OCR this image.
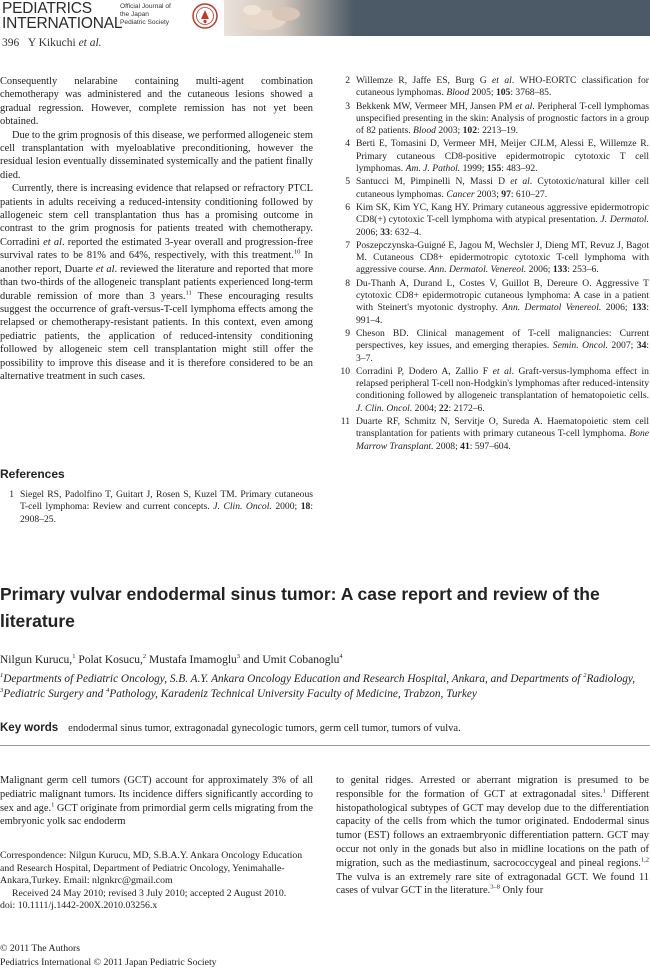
PEDIATRICS
INTERNATIONAL
Official Journal of
the Japan
Pediatric Society
396 Y Kikuchi et al.

Consequently nelarabine containing multi-agent combination chemotherapy was administered and the cutaneous lesions showed a gradual regression. However, complete remission has not yet been obtained.

Due to the grim prognosis of this disease, we performed allogeneic stem cell transplantation with myeloablative preconditioning, however the residual lesion eventually disseminated systemically and the patient finally died.

Currently, there is increasing evidence that relapsed or refractory PTCL patients in adults receiving a reduced-intensity conditioning followed by allogeneic stem cell transplantation thus has a promising outcome in contrast to the grim prognosis for patients treated with chemotherapy. Corradini et al. reported the estimated 3-year overall and progression-free survival rates to be 81% and 64%, respectively, with this treatment.$^{10}$ In another report, Duarte et al. reviewed the literature and reported that more than two-thirds of the allogeneic transplant patients experienced long-term durable remission of more than 3 years.$^{11}$ These encouraging results suggest the occurrence of graft-versus-T-cell lymphoma effects among the relapsed or chemotherapy-resistant patients. In this context, even among pediatric patients, the application of reduced-intensity conditioning followed by allogeneic stem cell transplantation might still offer the possibility to improve this disease and it is therefore considered to be an alternative treatment in such cases.

References
1 Siegel RS, Padolfino T, Guitart J, Rosen S, Kuzel TM. Primary cutaneous T-cell lymphoma: Review and current concepts. J. Clin. Oncol. 2000; 18: 2908–25.
2 Willemze R, Jaffe ES, Burg G et al. WHO-EORTC classification for cutaneous lymphomas. Blood 2005; 105: 3768–85.
3 Bekkenk MW, Vermeer MH, Jansen PM et al. Peripheral T-cell lymphomas unspecified presenting in the skin: Analysis of prognostic factors in a group of 82 patients. Blood 2003; 102: 2213–19.
4 Berti E, Tomasini D, Vermeer MH, Meijer CJLM, Alessi E, Willemze R. Primary cutaneous CD8-positive epidermotropic cytotoxic T cell lymphomas. Am. J. Pathol. 1999; 155: 483–92.
5 Santucci M, Pimpinelli N, Massi D et al. Cytotoxic/natural killer cell cutaneous lymphomas. Cancer 2003; 97: 610–27.
6 Kim SK, Kim YC, Kang HY. Primary cutaneous aggressive epidermotropic CD8(+) cytotoxic T-cell lymphoma with atypical presentation. J. Dermatol. 2006; 33: 632–4.
7 Poszepczynska-Guigné E, Jagou M, Wechsler J, Dieng MT, Revuz J, Bagot M. Cutaneous CD8+ epidermotropic cytotoxic T-cell lymphoma with aggressive course. Ann. Dermatol. Venereol. 2006; 133: 253–6.
8 Du-Thanh A, Durand L, Costes V, Guillot B, Dereure O. Aggressive T cytotoxic CD8+ epidermotropic cutaneous lymphoma: A case in a patient with Steinert's myotonic dystrophy. Ann. Dermatol Venereol. 2006; 133: 991–4.
9 Cheson BD. Clinical management of T-cell malignancies: Current perspectives, key issues, and emerging therapies. Semin. Oncol. 2007; 34: 3–7.
10 Corradini P, Dodero A, Zallio F et al. Graft-versus-lymphoma effect in relapsed peripheral T-cell non-Hodgkin's lymphomas after reduced-intensity conditioning followed by allogeneic transplantation of hematopoietic cells. J. Clin. Oncol. 2004; 22: 2172–6.
11 Duarte RF, Schmitz N, Servitje O, Sureda A. Haematopoietic stem cell transplantation for patients with primary cutaneous T-cell lymphoma. Bone Marrow Transplant. 2008; 41: 597–604.
Primary vulvar endodermal sinus tumor: A case report and review of the literature
Nilgun Kurucu,$^1$ Polat Kosucu,$^2$ Mustafa Imamoglu$^3$ and Umit Cobanoglu$^4$
$^1$Departments of Pediatric Oncology, S.B. A.Y. Ankara Oncology Education and Research Hospital, Ankara, and Departments of $^2$Radiology, $^3$Pediatric Surgery and $^4$Pathology, Karadeniz Technical University Faculty of Medicine, Trabzon, Turkey
Key words endodermal sinus tumor, extragonadal gynecologic tumors, germ cell tumor, tumors of vulva.
Malignant germ cell tumors (GCT) account for approximately 3% of all pediatric malignant tumors. Its incidence differs significantly according to sex and age.$^1$ GCT originate from primordial germ cells migrating from the embryonic yolk sac endoderm
to genital ridges. Arrested or aberrant migration is presumed to be responsible for the formation of GCT at extragonadal sites.$^1$ Different histopathological subtypes of GCT may develop due to the differentiation capacity of the cells from which the tumor originated. Endodermal sinus tumor (EST) follows an extraembryonic differentiation pattern. GCT may occur not only in the gonads but also in midline locations on the path of migration, such as the mediastinum, sacrococcygeal and pineal regions.$^{1,2}$ The vulva is an extremely rare site of extragonadal GCT. We found 11 cases of vulvar GCT in the literature.$^{3-8}$ Only four

Correspondence: Nilgun Kurucu, MD, S.B.A.Y. Ankara Oncology Education and Research Hospital, Department of Pediatric Oncology, Yenimahalle- Ankara,Turkey. Email: nlgnkrc@gmail.com

Received 24 May 2010; revised 3 July 2010; accepted 2 August 2010.

doi: 10.1111/j.1442-200X.2010.03256.x

© 2011 The Authors
Pediatrics International © 2011 Japan Pediatric Society
